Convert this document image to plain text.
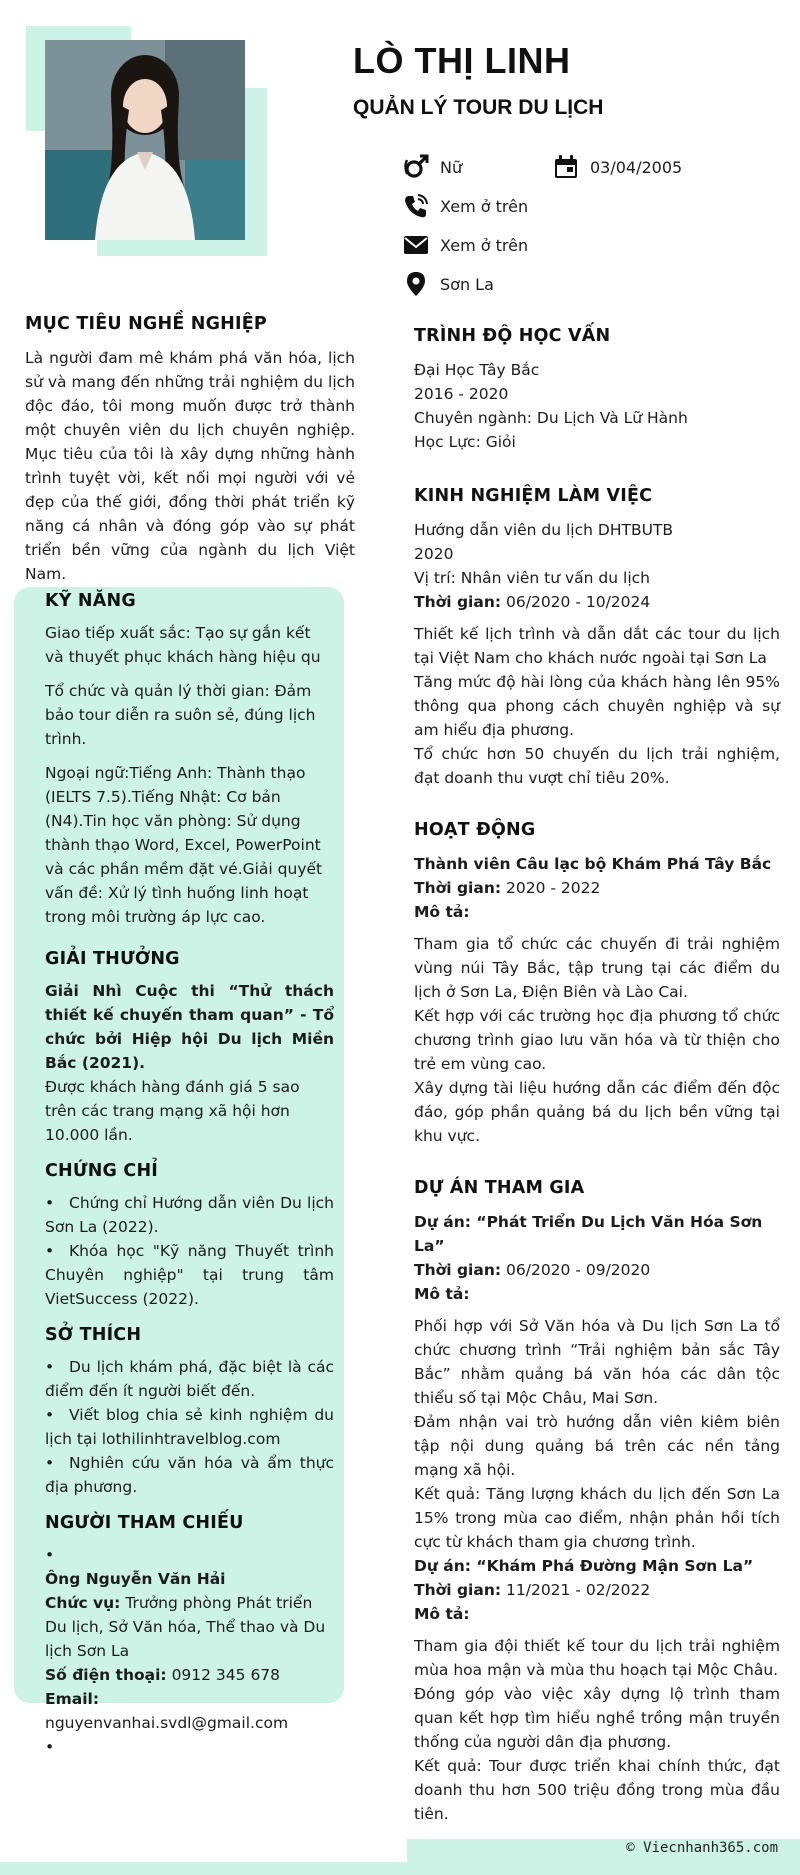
LÒ THỊ LINH
QUẢN LÝ TOUR DU LỊCH
Nữ	03/04/2005
Xem ở trên
Xem ở trên
Sơn La
MỤC TIÊU NGHỀ NGHIỆP

Là người đam mê khám phá văn hóa, lịch sử và mang đến những trải nghiệm du lịch độc đáo, tôi mong muốn được trở thành một chuyên viên du lịch chuyên nghiệp. Mục tiêu của tôi là xây dựng những hành trình tuyệt vời, kết nối mọi người với vẻ đẹp của thế giới, đồng thời phát triển kỹ năng cá nhân và đóng góp vào sự phát triển bền vững của ngành du lịch Việt Nam.

KỸ NĂNG

Giao tiếp xuất sắc: Tạo sự gắn kết và thuyết phục khách hàng hiệu qu

Tổ chức và quản lý thời gian: Đảm bảo tour diễn ra suôn sẻ, đúng lịch trình.

Ngoại ngữ:Tiếng Anh: Thành thạo (IELTS 7.5).Tiếng Nhật: Cơ bản (N4).Tin học văn phòng: Sử dụng thành thạo Word, Excel, PowerPoint và các phần mềm đặt vé.Giải quyết vấn đề: Xử lý tình huống linh hoạt trong môi trường áp lực cao.

GIẢI THƯỞNG

Giải Nhì Cuộc thi “Thử thách thiết kế chuyến tham quan” - Tổ chức bởi Hiệp hội Du lịch Miền Bắc (2021).

Được khách hàng đánh giá 5 sao trên các trang mạng xã hội hơn 10.000 lần.

CHỨNG CHỈ
• Chứng chỉ Hướng dẫn viên Du lịch Sơn La (2022).
• Khóa học "Kỹ năng Thuyết trình Chuyên nghiệp" tại trung tâm VietSuccess (2022).
SỞ THÍCH
• Du lịch khám phá, đặc biệt là các điểm đến ít người biết đến.
• Viết blog chia sẻ kinh nghiệm du lịch tại lothilinhtravelblog.com
• Nghiên cứu văn hóa và ẩm thực địa phương.
NGƯỜI THAM CHIẾU

•

Ông Nguyễn Văn Hải

Chức vụ: Trưởng phòng Phát triển Du lịch, Sở Văn hóa, Thể thao và Du lịch Sơn La

Số điện thoại: 0912 345 678

Email: nguyenvanhai.svdl@gmail.com

•

TRÌNH ĐỘ HỌC VẤN

Đại Học Tây Bắc

2016 - 2020

Chuyên ngành: Du Lịch Và Lữ Hành

Học Lực: Giỏi

KINH NGHIỆM LÀM VIỆC

Hướng dẫn viên du lịch DHTBUTB

2020

Vị trí: Nhân viên tư vấn du lịch

Thời gian: 06/2020 - 10/2024

Thiết kế lịch trình và dẫn dắt các tour du lịch tại Việt Nam cho khách nước ngoài tại Sơn La

Tăng mức độ hài lòng của khách hàng lên 95% thông qua phong cách chuyên nghiệp và sự am hiểu địa phương.

Tổ chức hơn 50 chuyến du lịch trải nghiệm, đạt doanh thu vượt chỉ tiêu 20%.

HOẠT ĐỘNG

Thành viên Câu lạc bộ Khám Phá Tây Bắc

Thời gian: 2020 - 2022

Mô tả:

Tham gia tổ chức các chuyến đi trải nghiệm vùng núi Tây Bắc, tập trung tại các điểm du lịch ở Sơn La, Điện Biên và Lào Cai.

Kết hợp với các trường học địa phương tổ chức chương trình giao lưu văn hóa và từ thiện cho trẻ em vùng cao.

Xây dựng tài liệu hướng dẫn các điểm đến độc đáo, góp phần quảng bá du lịch bền vững tại khu vực.

DỰ ÁN THAM GIA

Dự án: “Phát Triển Du Lịch Văn Hóa Sơn La”

Thời gian: 06/2020 - 09/2020

Mô tả:

Phối hợp với Sở Văn hóa và Du lịch Sơn La tổ chức chương trình “Trải nghiệm bản sắc Tây Bắc” nhằm quảng bá văn hóa các dân tộc thiểu số tại Mộc Châu, Mai Sơn.

Đảm nhận vai trò hướng dẫn viên kiêm biên tập nội dung quảng bá trên các nền tảng mạng xã hội.

Kết quả: Tăng lượng khách du lịch đến Sơn La 15% trong mùa cao điểm, nhận phản hồi tích cực từ khách tham gia chương trình.

Dự án: “Khám Phá Đường Mận Sơn La”

Thời gian: 11/2021 - 02/2022

Mô tả:

Tham gia đội thiết kế tour du lịch trải nghiệm mùa hoa mận và mùa thu hoạch tại Mộc Châu.

Đóng góp vào việc xây dựng lộ trình tham quan kết hợp tìm hiểu nghề trồng mận truyền thống của người dân địa phương.

Kết quả: Tour được triển khai chính thức, đạt doanh thu hơn 500 triệu đồng trong mùa đầu tiên.

© Viecnhanh365.com
